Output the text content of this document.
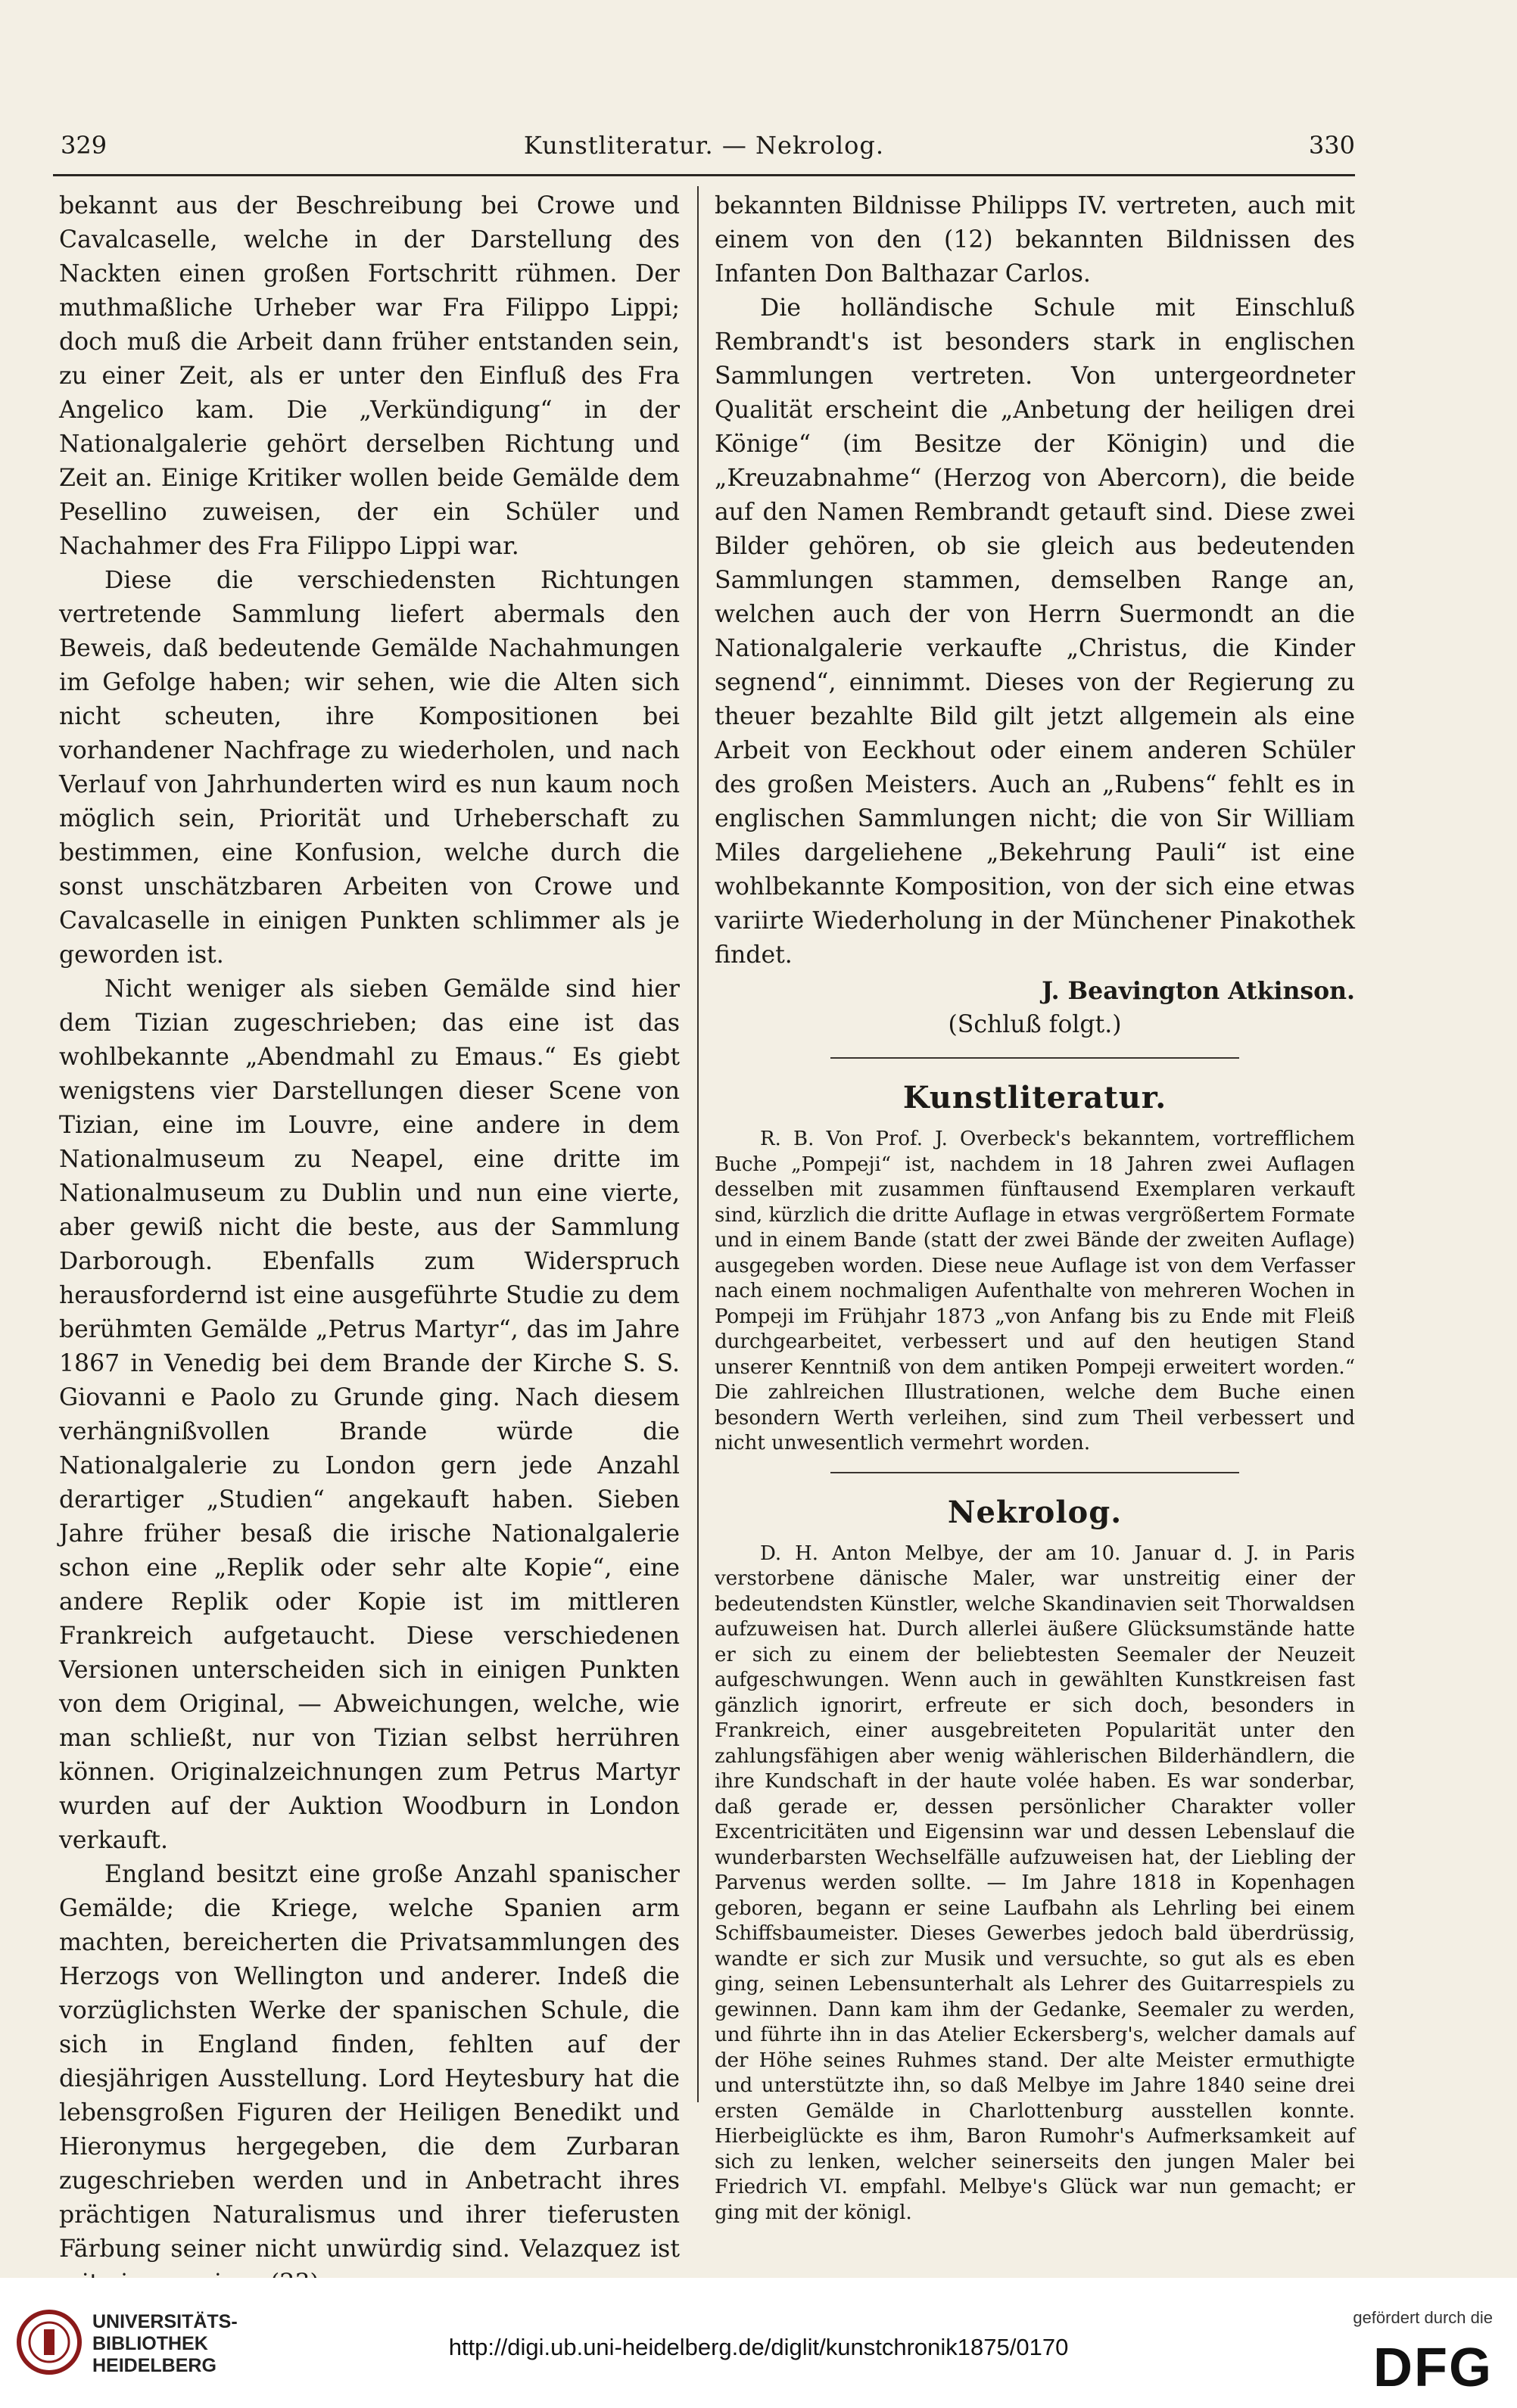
329	Kunstliteratur. — Nekrolog.	330

bekannt aus der Beschreibung bei Crowe und Cavalcaselle, welche in der Darstellung des Nackten einen großen Fortschritt rühmen. Der muthmaßliche Urheber war Fra Filippo Lippi; doch muß die Arbeit dann früher entstanden sein, zu einer Zeit, als er unter den Einfluß des Fra Angelico kam. Die „Verkündigung“ in der Nationalgalerie gehört derselben Richtung und Zeit an. Einige Kritiker wollen beide Gemälde dem Pesellino zuweisen, der ein Schüler und Nachahmer des Fra Filippo Lippi war.

Diese die verschiedensten Richtungen vertretende Sammlung liefert abermals den Beweis, daß bedeutende Gemälde Nachahmungen im Gefolge haben; wir sehen, wie die Alten sich nicht scheuten, ihre Kompositionen bei vorhandener Nachfrage zu wiederholen, und nach Verlauf von Jahrhunderten wird es nun kaum noch möglich sein, Priorität und Urheberschaft zu bestimmen, eine Konfusion, welche durch die sonst unschätzbaren Arbeiten von Crowe und Cavalcaselle in einigen Punkten schlimmer als je geworden ist.

Nicht weniger als sieben Gemälde sind hier dem Tizian zugeschrieben; das eine ist das wohlbekannte „Abendmahl zu Emaus.“ Es giebt wenigstens vier Darstellungen dieser Scene von Tizian, eine im Louvre, eine andere in dem Nationalmuseum zu Neapel, eine dritte im Nationalmuseum zu Dublin und nun eine vierte, aber gewiß nicht die beste, aus der Sammlung Darborough. Ebenfalls zum Widerspruch herausfordernd ist eine ausgeführte Studie zu dem berühmten Gemälde „Petrus Martyr“, das im Jahre 1867 in Venedig bei dem Brande der Kirche S. S. Giovanni e Paolo zu Grunde ging. Nach diesem verhängnißvollen Brande würde die Nationalgalerie zu London gern jede Anzahl derartiger „Studien“ angekauft haben. Sieben Jahre früher besaß die irische Nationalgalerie schon eine „Replik oder sehr alte Kopie“, eine andere Replik oder Kopie ist im mittleren Frankreich aufgetaucht. Diese verschiedenen Versionen unterscheiden sich in einigen Punkten von dem Original, — Abweichungen, welche, wie man schließt, nur von Tizian selbst herrühren können. Originalzeichnungen zum Petrus Martyr wurden auf der Auktion Woodburn in London verkauft.

England besitzt eine große Anzahl spanischer Gemälde; die Kriege, welche Spanien arm machten, bereicherten die Privatsammlungen des Herzogs von Wellington und anderer. Indeß die vorzüglichsten Werke der spanischen Schule, die sich in England finden, fehlten auf der diesjährigen Ausstellung. Lord Heytesbury hat die lebensgroßen Figuren der Heiligen Benedikt und Hieronymus hergegeben, die dem Zurbaran zugeschrieben werden und in Anbetracht ihres prächtigen Naturalismus und ihrer tieferusten Färbung seiner nicht unwürdig sind. Velazquez ist

bekannten Bildnisse Philipps IV. vertreten, auch mit einem von den (12) bekannten Bildnissen des Infanten Don Balthazar Carlos.

Die holländische Schule mit Einschluß Rembrandt's ist besonders stark in englischen Sammlungen vertreten. Von untergeordneter Qualität erscheint die „Anbetung der heiligen drei Könige“ (im Besitze der Königin) und die „Kreuzabnahme“ (Herzog von Abercorn), die beide auf den Namen Rembrandt getauft sind. Diese zwei Bilder gehören, ob sie gleich aus bedeutenden Sammlungen stammen, demselben Range an, welchen auch der von Herrn Suermondt an die Nationalgalerie verkaufte „Christus, die Kinder segnend“, einnimmt. Dieses von der Regierung zu theuer bezahlte Bild gilt jetzt allgemein als eine Arbeit von Eeckhout oder einem anderen Schüler des großen Meisters. Auch an „Rubens“ fehlt es in englischen Sammlungen nicht; die von Sir William Miles dargeliehene „Bekehrung Pauli“ ist eine wohlbekannte Komposition, von der sich eine etwas variirte Wiederholung in der Münchener Pinakothek findet.

J. Beavington Atkinson.

(Schluß folgt.)

Kunstliteratur.

R. B. Von Prof. J. Overbeck's bekanntem, vortrefflichem Buche „Pompeji“ ist, nachdem in 18 Jahren zwei Auflagen desselben mit zusammen fünftausend Exemplaren verkauft sind, kürzlich die dritte Auflage in etwas vergrößertem Formate und in einem Bande (statt der zwei Bände der zweiten Auflage) ausgegeben worden. Diese neue Auflage ist von dem Verfasser nach einem nochmaligen Aufenthalte von mehreren Wochen in Pompeji im Frühjahr 1873 „von Anfang bis zu Ende mit Fleiß durchgearbeitet, verbessert und auf den heutigen Stand unserer Kenntniß von dem antiken Pompeji erweitert worden.“ Die zahlreichen Illustrationen, welche dem Buche einen besondern Werth verleihen, sind zum Theil verbessert und nicht unwesentlich vermehrt worden.

Nekrolog.

D. H. Anton Melbye, der am 10. Januar d. J. in Paris verstorbene dänische Maler, war unstreitig einer der bedeutendsten Künstler, welche Skandinavien seit Thorwaldsen aufzuweisen hat. Durch allerlei äußere Glücksumstände hatte er sich zu einem der beliebtesten Seemaler der Neuzeit aufgeschwungen. Wenn auch in gewählten Kunstkreisen fast gänzlich ignorirt, erfreute er sich doch, besonders in Frankreich, einer ausgebreiteten Popularität unter den zahlungsfähigen aber wenig wählerischen Bilderhändlern, die ihre Kundschaft in der haute volée haben. Es war sonderbar, daß gerade er, dessen persönlicher Charakter voller Excentricitäten und Eigensinn war und dessen Lebenslauf die wunderbarsten Wechselfälle aufzuweisen hat, der Liebling der Parvenus werden sollte. — Im Jahre 1818 in Kopenhagen geboren, begann er seine Laufbahn als Lehrling bei einem Schiffsbaumeister. Dieses Gewerbes jedoch bald überdrüssig, wandte er sich zur Musik und versuchte, so gut als es eben ging, seinen Lebensunterhalt als Lehrer des Guitarrespiels zu gewinnen. Dann kam ihm der Gedanke, Seemaler zu werden, und führte ihn in das Atelier Eckersberg's, welcher damals auf der Höhe seines Ruhmes stand. Der alte Meister ermuthigte und unterstützte ihn, so daß Melbye im Jahre 1840 seine drei ersten Gemälde in Charlottenburg ausstellen konnte. Hierbeiglückte es ihm, Baron Rumohr's Aufmerksamkeit auf sich zu lenken, welcher seinerseits den jungen Maler bei Friedrich VI. empfahl. Melbye's Glück war nun gemacht; er ging mit der königl.

UNIVERSITÄTS-
BIBLIOTHEK
HEIDELBERG
http://digi.ub.uni-heidelberg.de/diglit/kunstchronik1875/0170
gefördert durch die
DFG
